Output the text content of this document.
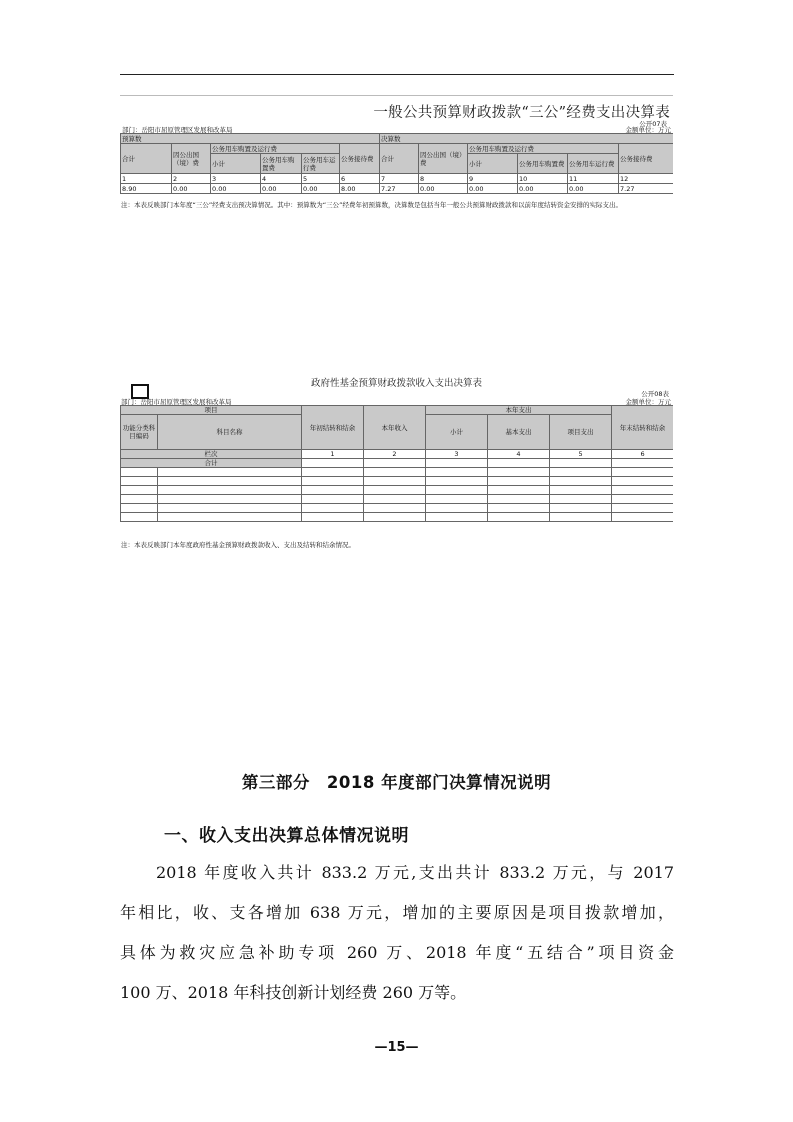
一般公共预算财政拨款“三公”经费支出决算表
公开07表
部门：岳阳市屈原管理区发展和改革局	金额单位：万元
预算数						决算数					
合计	因公出国（境）费	公务用车购置及运行费			公务接待费	合计	因公出国（境）费	公务用车购置及运行费			公务接待费
		小计	公务用车购置费	公务用车运行费				小计	公务用车购置费	公务用车运行费	
1	2	3	4	5	6	7	8	9	10	11	12
8.90	0.00	0.00	0.00	0.00	8.00	7.27	0.00	0.00	0.00	0.00	7.27
注：本表反映部门本年度“三公”经费支出预决算情况。其中：预算数为“三公”经费年初预算数，决算数是包括当年一般公共预算财政拨款和以前年度结转资金安排的实际支出。
政府性基金预算财政拨款收入支出决算表
公开08表
部门：岳阳市屈原管理区发展和改革局	金额单位：万元
项目		年初结转和结余	本年收入	本年支出			年末结转和结余
功能分类科目编码	科目名称			小计	基本支出	项目支出	
栏次		1	2	3	4	5	6
合计							

注：本表反映部门本年度政府性基金预算财政拨款收入、支出及结转和结余情况。
第三部分　2018 年度部门决算情况说明
一、收入支出决算总体情况说明
2018 年度收入共计 833.2 万元,支出共计 833.2 万元，与 2017
年相比，收、支各增加 638 万元，增加的主要原因是项目拨款增加，
具体为救灾应急补助专项 260 万、2018 年度“五结合”项目资金
100 万、2018 年科技创新计划经费 260 万等。
—15—
